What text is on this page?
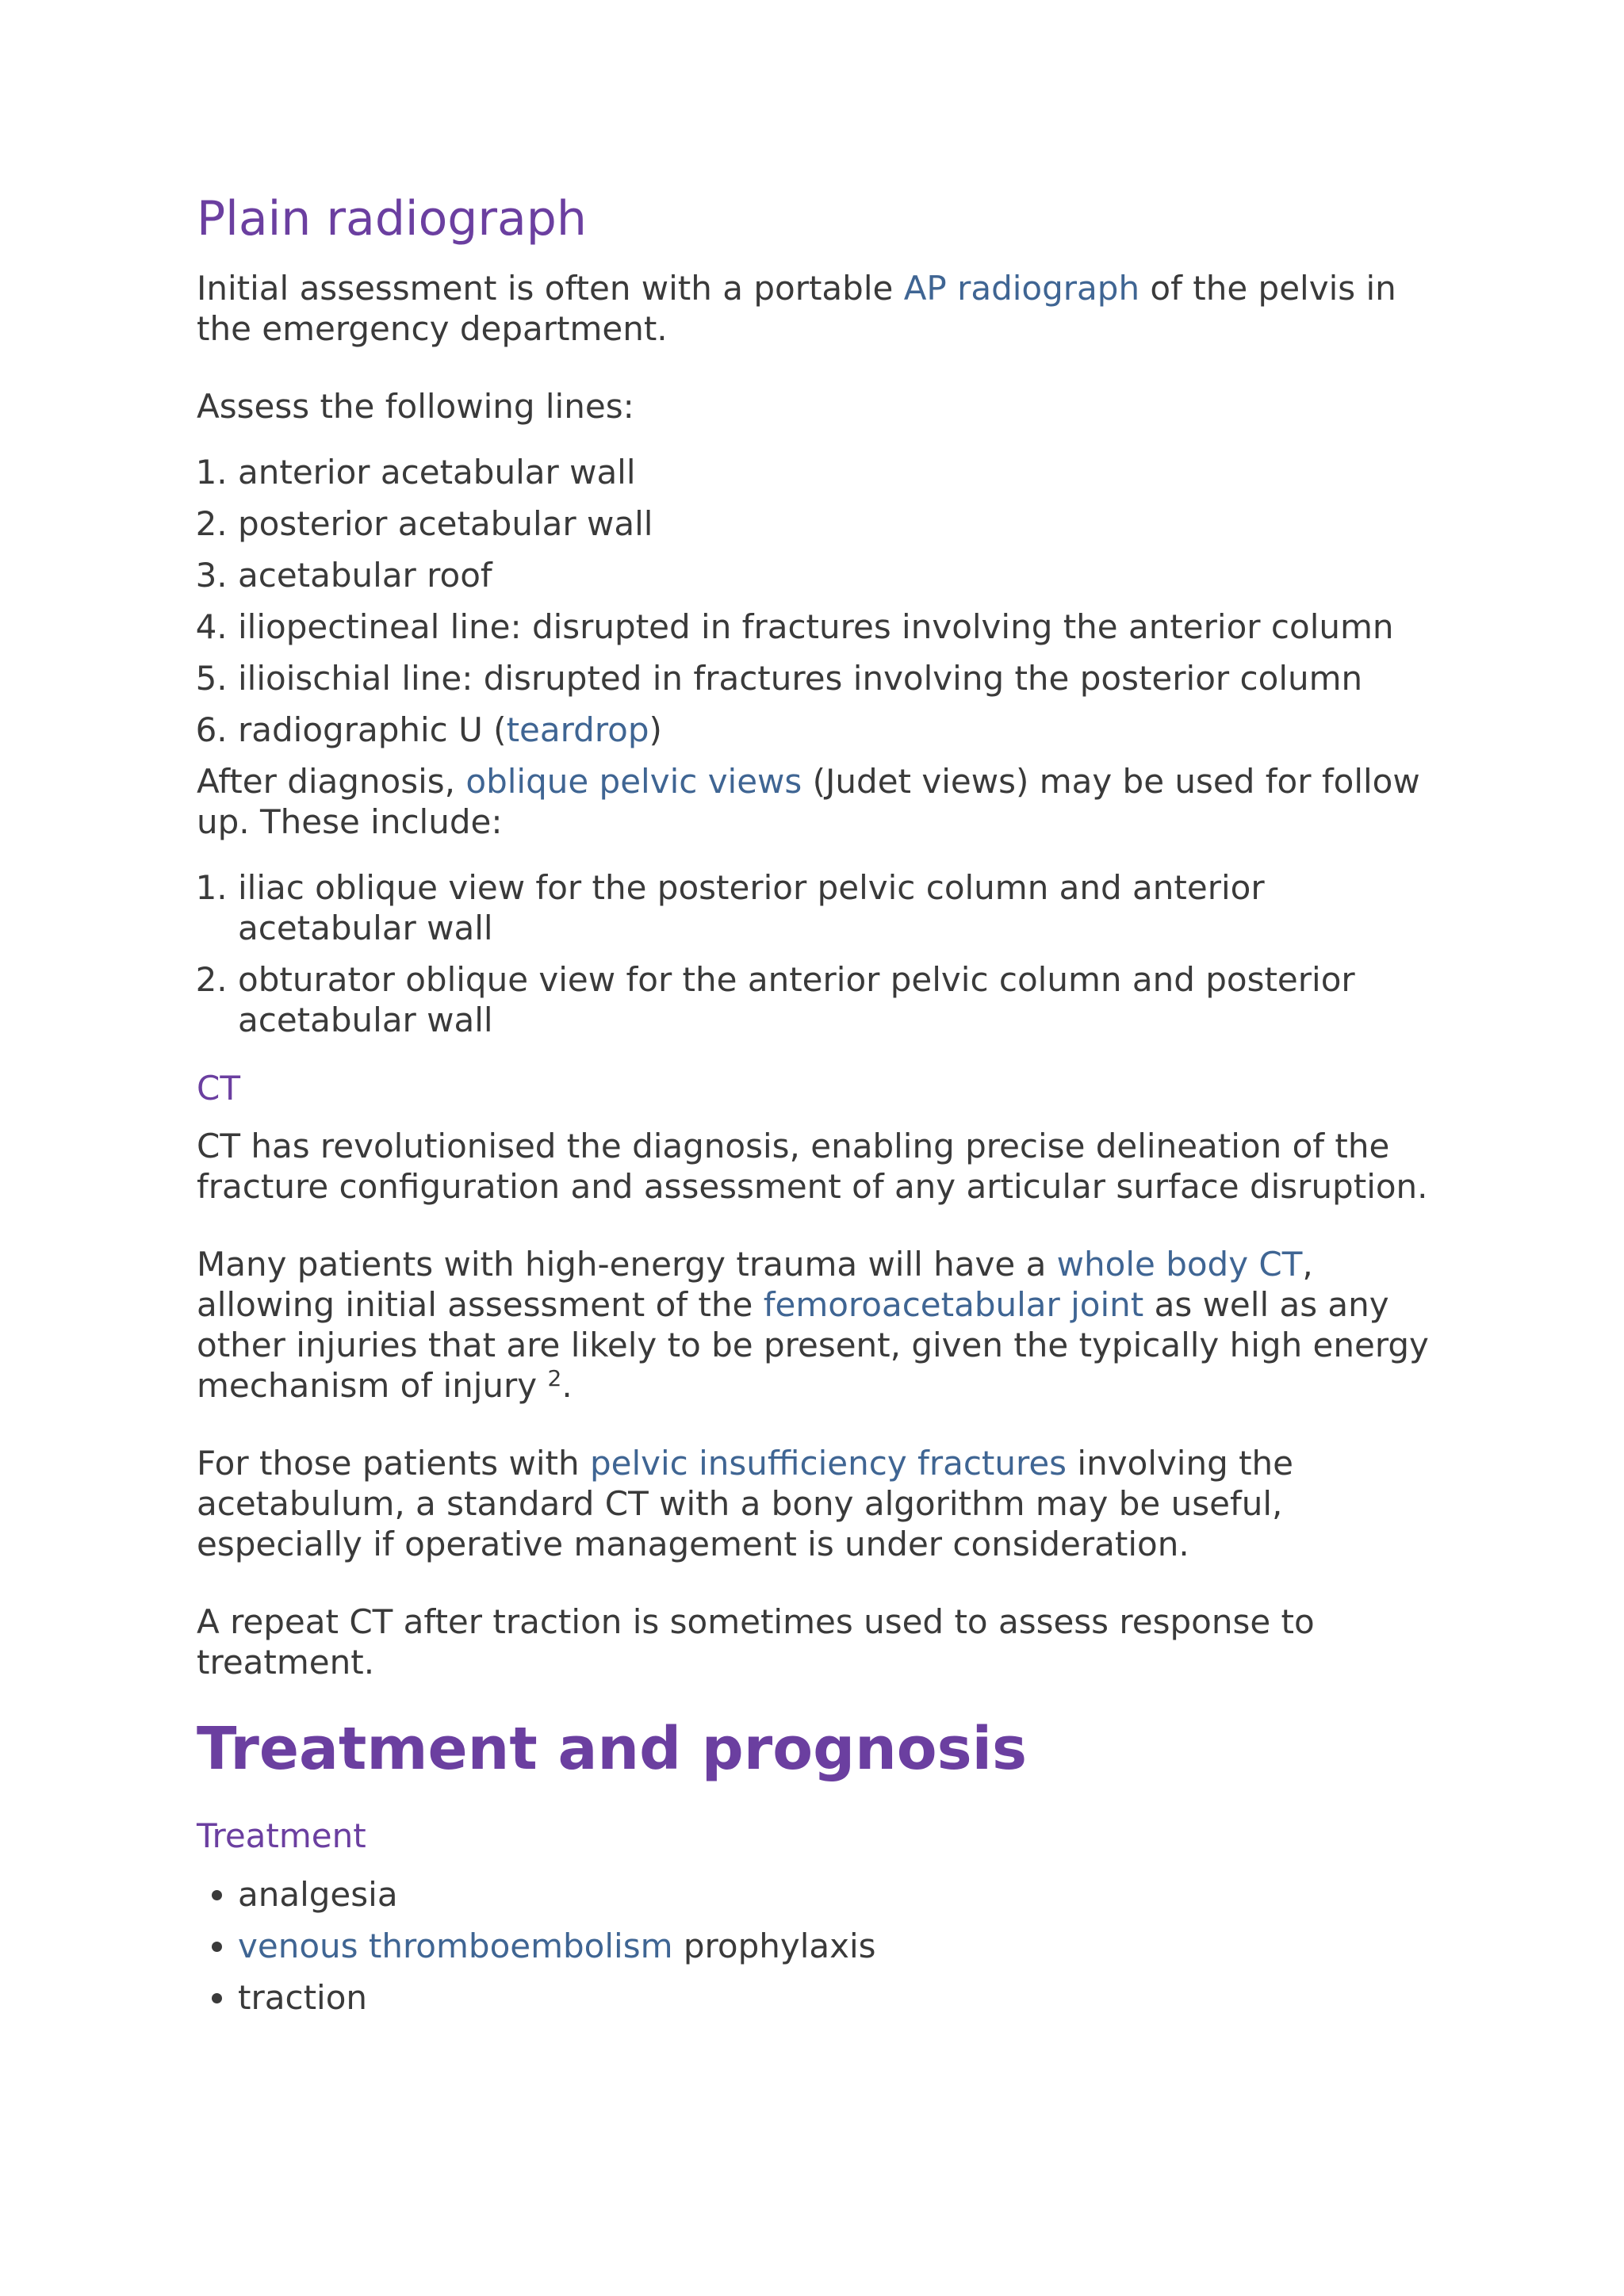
Plain radiograph

Initial assessment is often with a portable AP radiograph of the pelvis in the emergency department.

Assess the following lines:

1. anterior acetabular wall
2. posterior acetabular wall
3. acetabular roof
4. iliopectineal line: disrupted in fractures involving the anterior column
5. ilioischial line: disrupted in fractures involving the posterior column
6. radiographic U (teardrop)

After diagnosis, oblique pelvic views (Judet views) may be used for follow up. These include:

1. iliac oblique view for the posterior pelvic column and anterior acetabular wall
2. obturator oblique view for the anterior pelvic column and posterior acetabular wall
CT

CT has revolutionised the diagnosis, enabling precise delineation of the fracture configuration and assessment of any articular surface disruption.

Many patients with high-energy trauma will have a whole body CT, allowing initial assessment of the femoroacetabular joint as well as any other injuries that are likely to be present, given the typically high energy mechanism of injury $^2$.

For those patients with pelvic insufficiency fractures involving the acetabulum, a standard CT with a bony algorithm may be useful, especially if operative management is under consideration.

A repeat CT after traction is sometimes used to assess response to treatment.

Treatment and prognosis
Treatment
• analgesia
• venous thromboembolism prophylaxis
• traction
